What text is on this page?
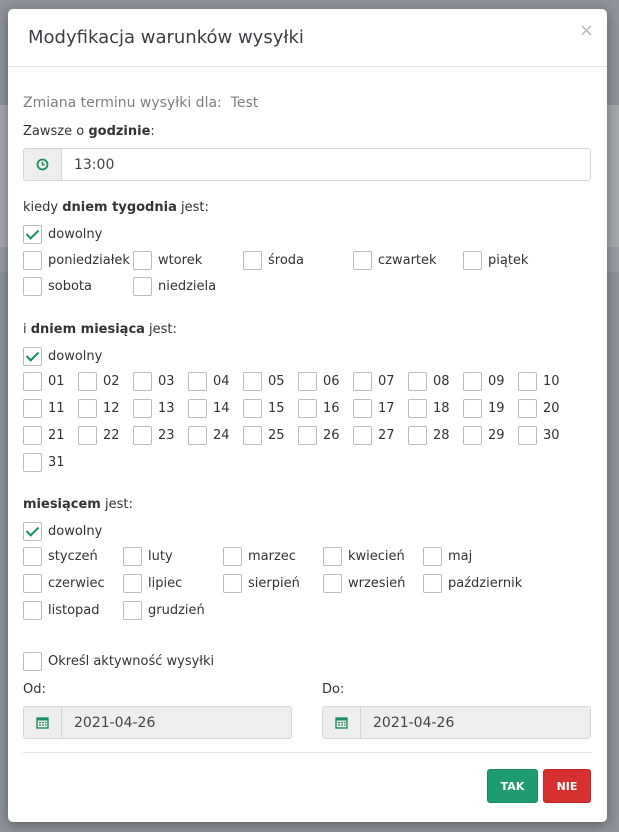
Modyfikacja warunków wysyłki	×
Zmiana terminu wysyłki dla: Test
Zawsze o godzinie:
13:00
kiedy dniem tygodnia jest:
i dniem miesiąca jest:
miesiącem jest:
Określ aktywność wysyłki
Od:	Do:
2021-04-26	2021-04-26
dowolny
poniedziałek wtorek	środa	czwartek	piątek
sobota	niedziela
dowolny
01	02	03	04	05	06	07	08	09	10
11	12	13	14	15	16	17	18	19	20
21	22	23	24	25	26	27	28	29	30
31
dowolny
styczeń	luty	marzec	kwiecień	maj
czerwiec	lipiec	sierpień	wrzesień	październik
listopad	grudzień
TAK	NIE
